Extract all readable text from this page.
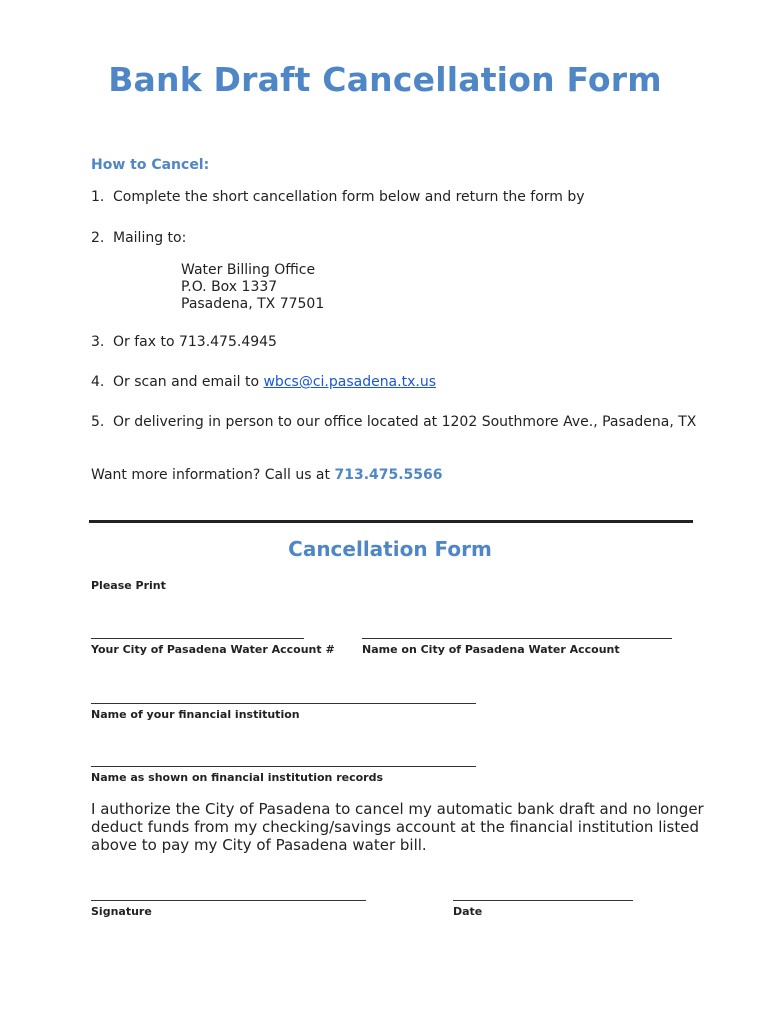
Bank Draft Cancellation Form
How to Cancel:
1. Complete the short cancellation form below and return the form by
2. Mailing to:
Water Billing Office
P.O. Box 1337
Pasadena, TX 77501
3. Or fax to 713.475.4945
4. Or scan and email to wbcs@ci.pasadena.tx.us
5. Or delivering in person to our office located at 1202 Southmore Ave., Pasadena, TX
Want more information? Call us at 713.475.5566
Cancellation Form
Please Print
Your City of Pasadena Water Account # Name on City of Pasadena Water Account
Name of your financial institution
Name as shown on financial institution records
I authorize the City of Pasadena to cancel my automatic bank draft and no longer deduct funds from my checking/savings account at the financial institution listed above to pay my City of Pasadena water bill.
Signature	Date
